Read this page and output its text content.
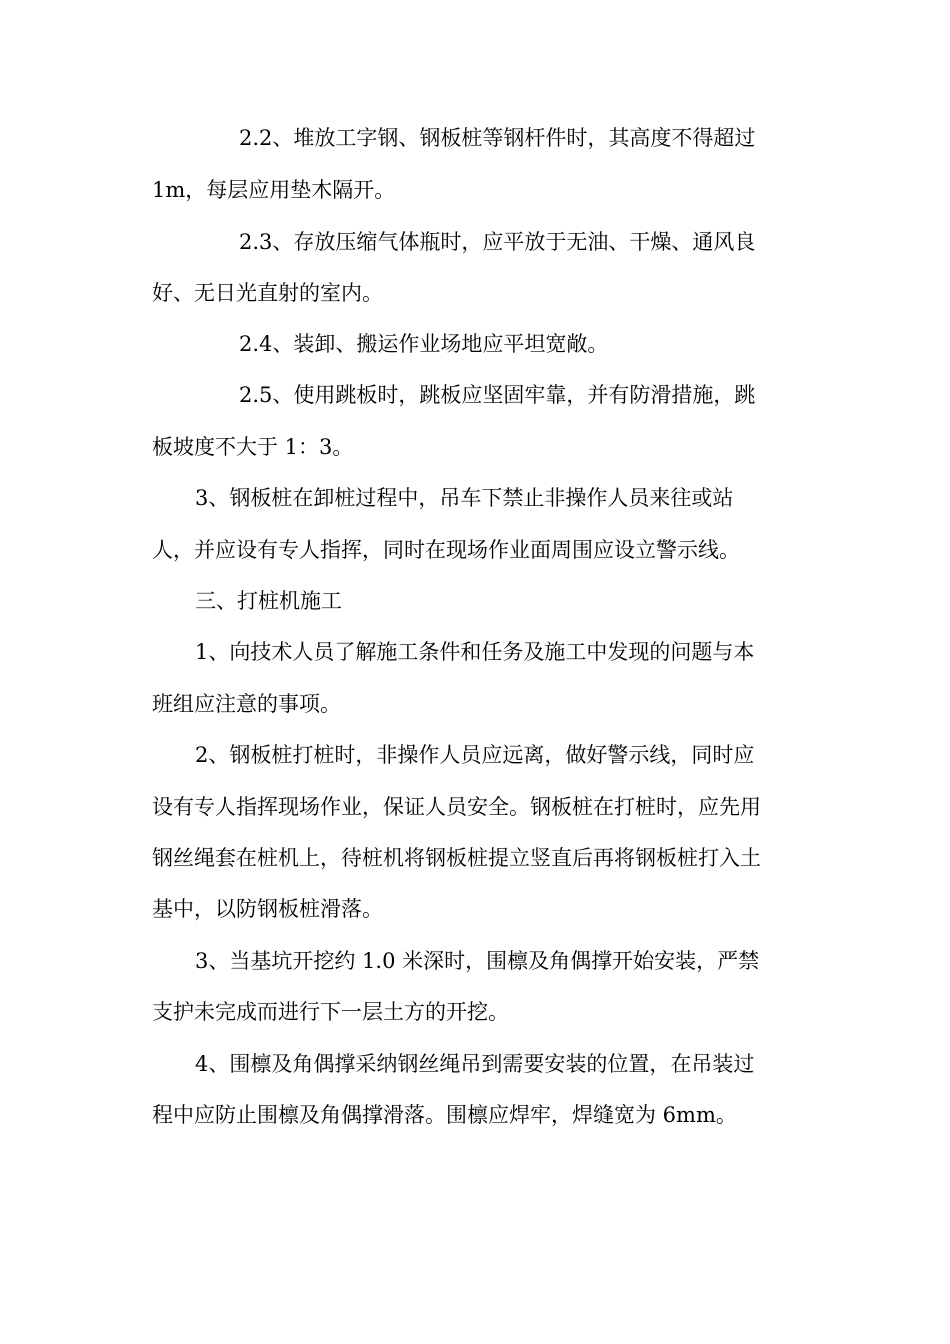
2.2、堆放工字钢、钢板桩等钢杆件时，其高度不得超过
1m，每层应用垫木隔开。
2.3、存放压缩气体瓶时，应平放于无油、干燥、通风良
好、无日光直射的室内。
2.4、装卸、搬运作业场地应平坦宽敞。
2.5、使用跳板时，跳板应坚固牢靠，并有防滑措施，跳
板坡度不大于 1：3。
3、钢板桩在卸桩过程中，吊车下禁止非操作人员来往或站
人，并应设有专人指挥，同时在现场作业面周围应设立警示线。
三、打桩机施工
1、向技术人员了解施工条件和任务及施工中发现的问题与本
班组应注意的事项。
2、钢板桩打桩时，非操作人员应远离，做好警示线，同时应
设有专人指挥现场作业，保证人员安全。钢板桩在打桩时，应先用
钢丝绳套在桩机上，待桩机将钢板桩提立竖直后再将钢板桩打入土
基中，以防钢板桩滑落。
3、当基坑开挖约 1.0 米深时，围檩及角偶撑开始安装，严禁
支护未完成而进行下一层土方的开挖。
4、围檩及角偶撑采纳钢丝绳吊到需要安装的位置，在吊装过
程中应防止围檩及角偶撑滑落。围檩应焊牢，焊缝宽为 6mm。
